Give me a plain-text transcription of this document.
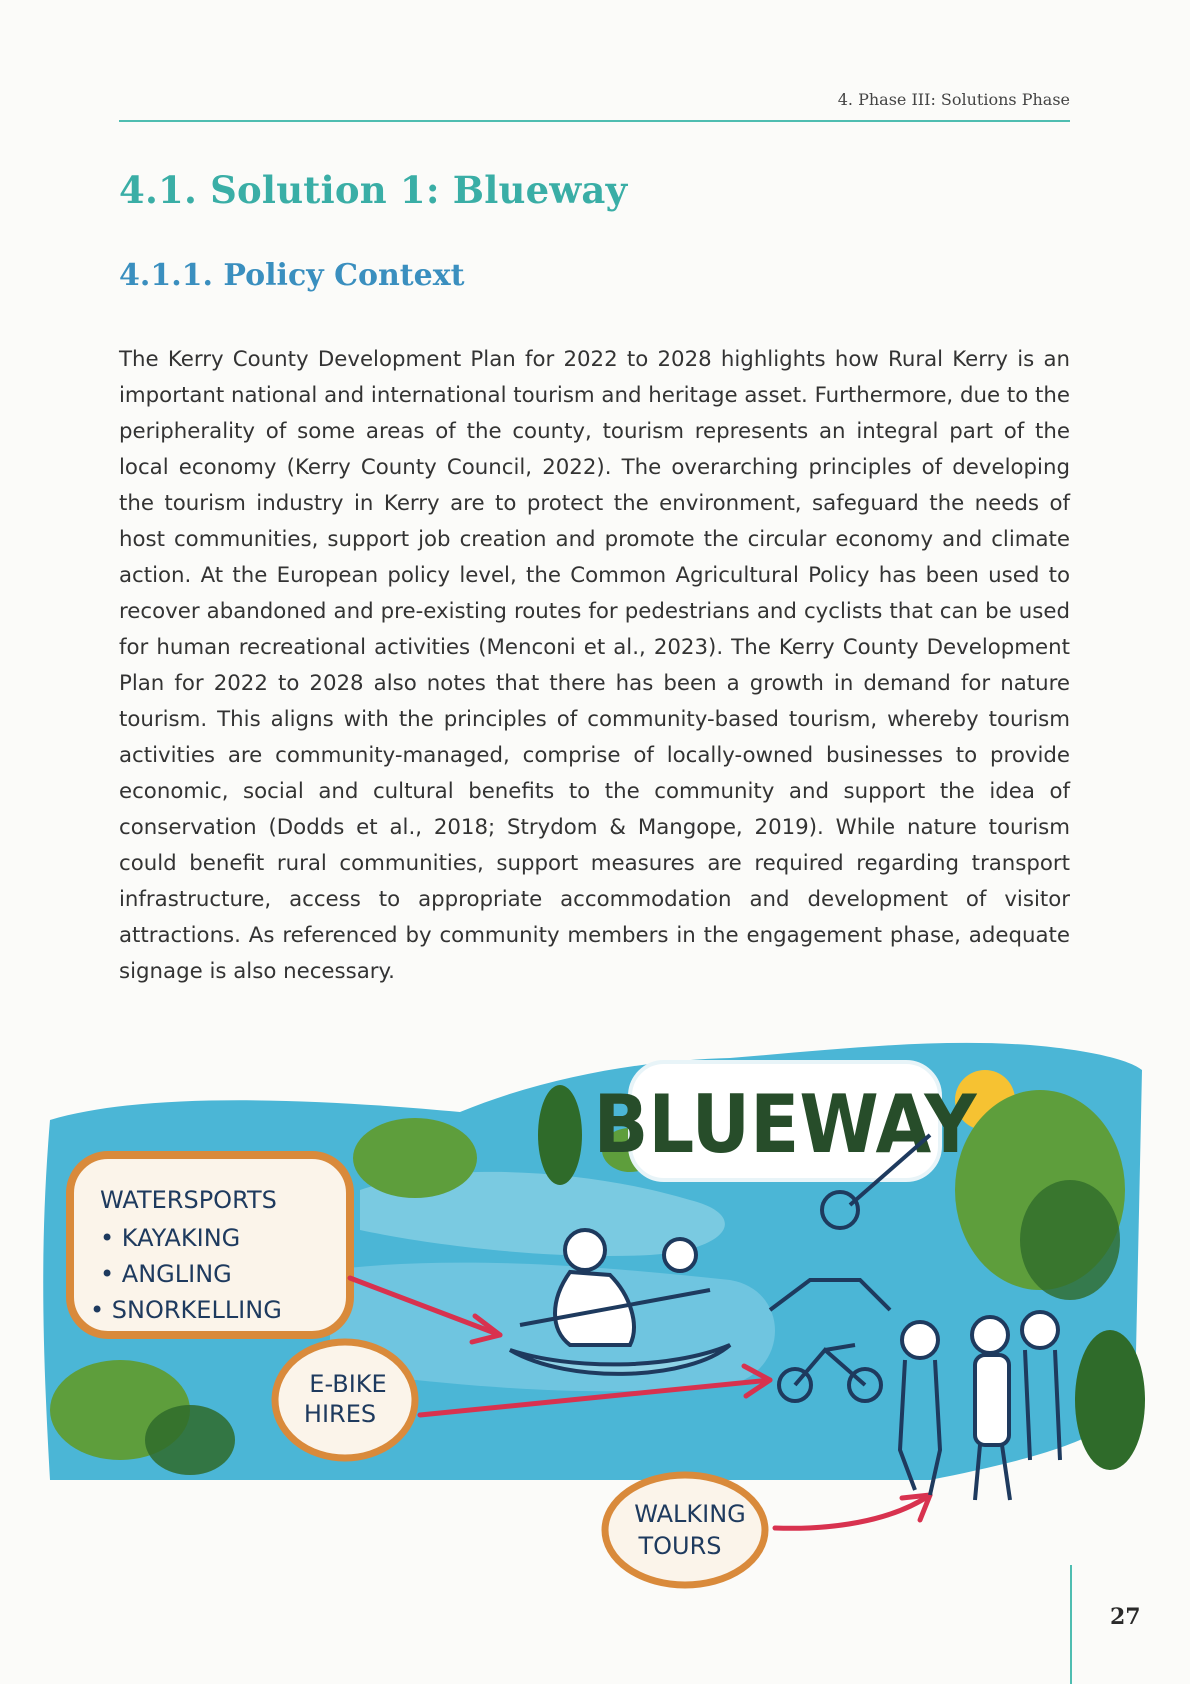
4. Phase III: Solutions Phase
4.1. Solution 1: Blueway
4.1.1. Policy Context

The Kerry County Development Plan for 2022 to 2028 highlights how Rural Kerry is an important national and international tourism and heritage asset. Furthermore, due to the peripherality of some areas of the county, tourism represents an integral part of the local economy (Kerry County Council, 2022). The overarching principles of developing the tourism industry in Kerry are to protect the environment, safeguard the needs of host communities, support job creation and promote the circular economy and climate action. At the European policy level, the Common Agricultural Policy has been used to recover abandoned and pre-existing routes for pedestrians and cyclists that can be used for human recreational activities (Menconi et al., 2023). The Kerry County Development Plan for 2022 to 2028 also notes that there has been a growth in demand for nature tourism. This aligns with the principles of community-based tourism, whereby tourism activities are community-managed, comprise of locally-owned businesses to provide economic, social and cultural benefits to the community and support the idea of conservation (Dodds et al., 2018; Strydom & Mangope, 2019). While nature tourism could benefit rural communities, support measures are required regarding transport infrastructure, access to appropriate accommodation and development of visitor attractions. As referenced by community members in the engagement phase, adequate signage is also necessary.

BLUEWAY
WATERSPORTS
• KAYAKING
• ANGLING
• SNORKELLING
E-BIKE
HIRES
WALKING
TOURS
27
